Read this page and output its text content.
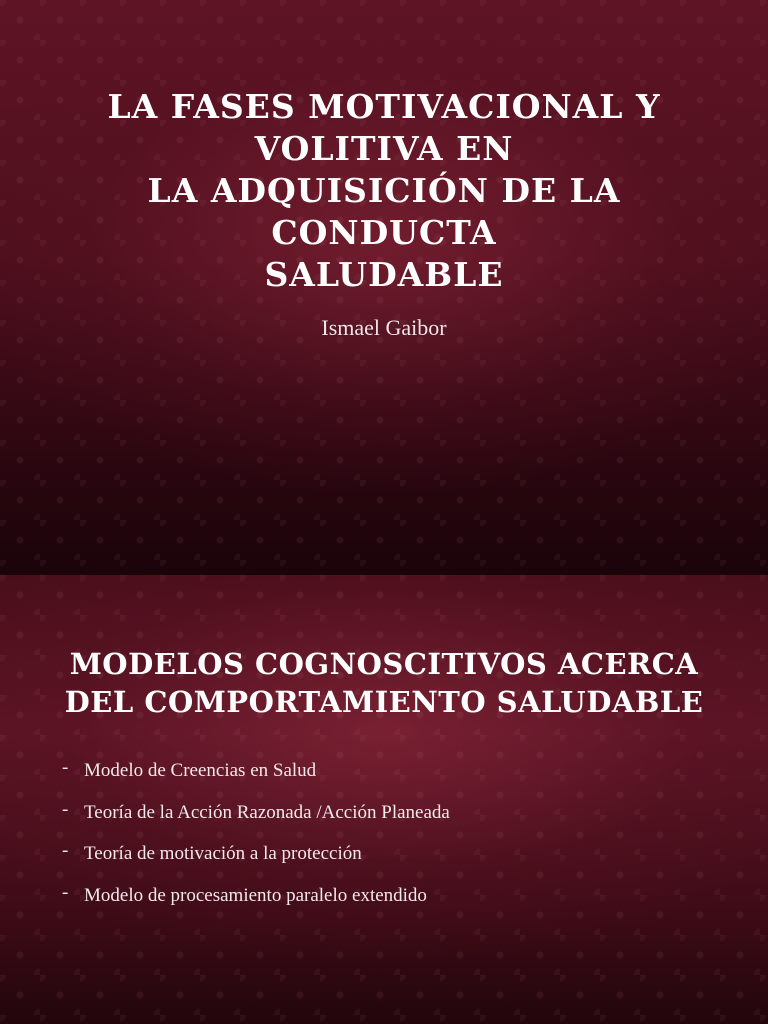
LA FASES MOTIVACIONAL Y
VOLITIVA EN
LA ADQUISICIÓN DE LA
CONDUCTA
SALUDABLE
Ismael Gaibor
MODELOS COGNOSCITIVOS ACERCA
DEL COMPORTAMIENTO SALUDABLE
- Modelo de Creencias en Salud
- Teoría de la Acción Razonada /Acción Planeada
- Teoría de motivación a la protección
- Modelo de procesamiento paralelo extendido
